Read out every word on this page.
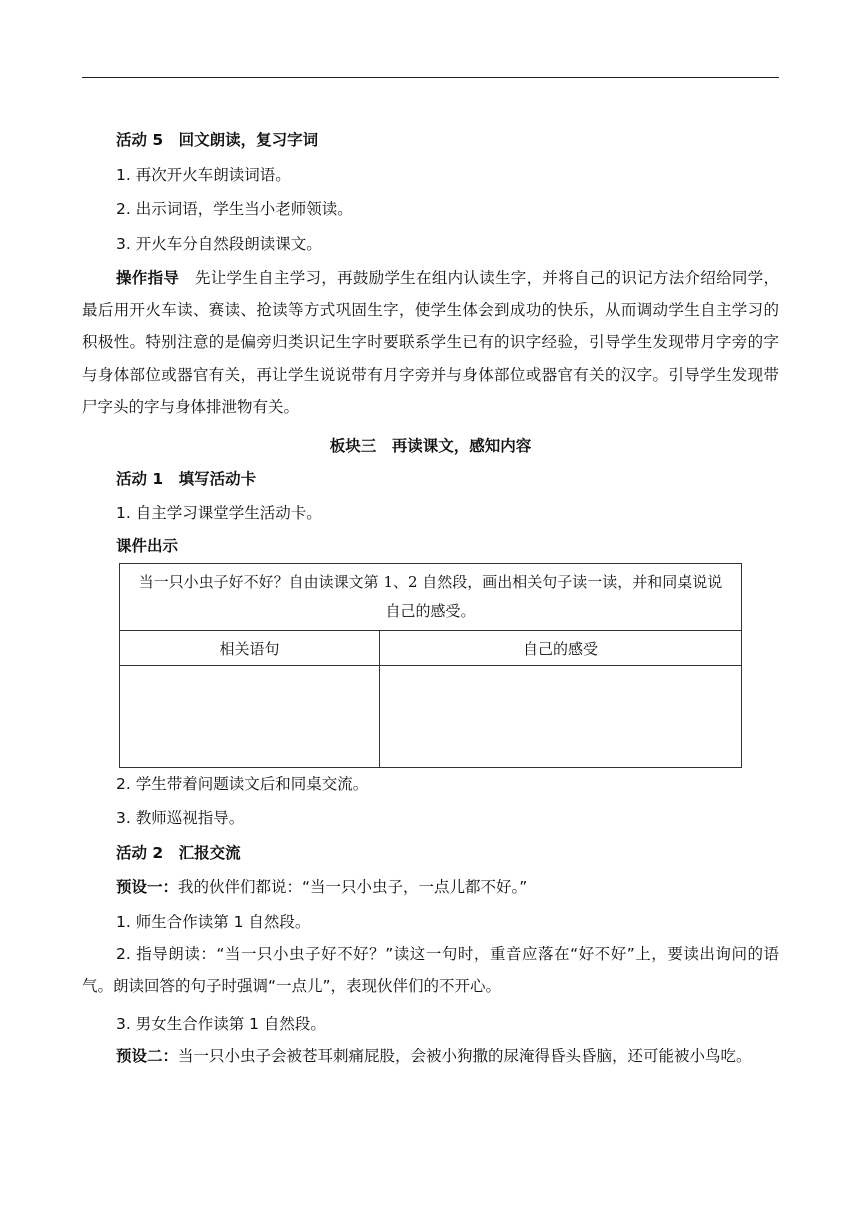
活动 5　回文朗读，复习字词
1. 再次开火车朗读词语。
2. 出示词语，学生当小老师领读。
3. 开火车分自然段朗读课文。
操作指导　 先让学生自主学习，再鼓励学生在组内认读生字，并将自己的识记方法介绍给同学，最后用开火车读、赛读、抢读等方式巩固生字，使学生体会到成功的快乐，从而调动学生自主学习的积极性。特别注意的是偏旁归类识记生字时要联系学生已有的识字经验，引导学生发现带月字旁的字与身体部位或器官有关，再让学生说说带有月字旁并与身体部位或器官有关的汉字。引导学生发现带尸字头的字与身体排泄物有关。
板块三　再读课文，感知内容
活动 1　填写活动卡
1. 自主学习课堂学生活动卡。
课件出示
当一只小虫子好不好？自由读课文第 1、2 自然段，画出相关句子读一读，并和同桌说说自己的感受。	
相关语句	自己的感受

2. 学生带着问题读文后和同桌交流。
3. 教师巡视指导。
活动 2　汇报交流
预设一：我的伙伴们都说：“当一只小虫子，一点儿都不好。”
1. 师生合作读第 1 自然段。
2. 指导朗读：“当一只小虫子好不好？”读这一句时，重音应落在“好不好”上，要读出询问的语气。朗读回答的句子时强调“一点儿”，表现伙伴们的不开心。
3. 男女生合作读第 1 自然段。
预设二：当一只小虫子会被苍耳刺痛屁股，会被小狗撒的尿淹得昏头昏脑，还可能被小鸟吃。
